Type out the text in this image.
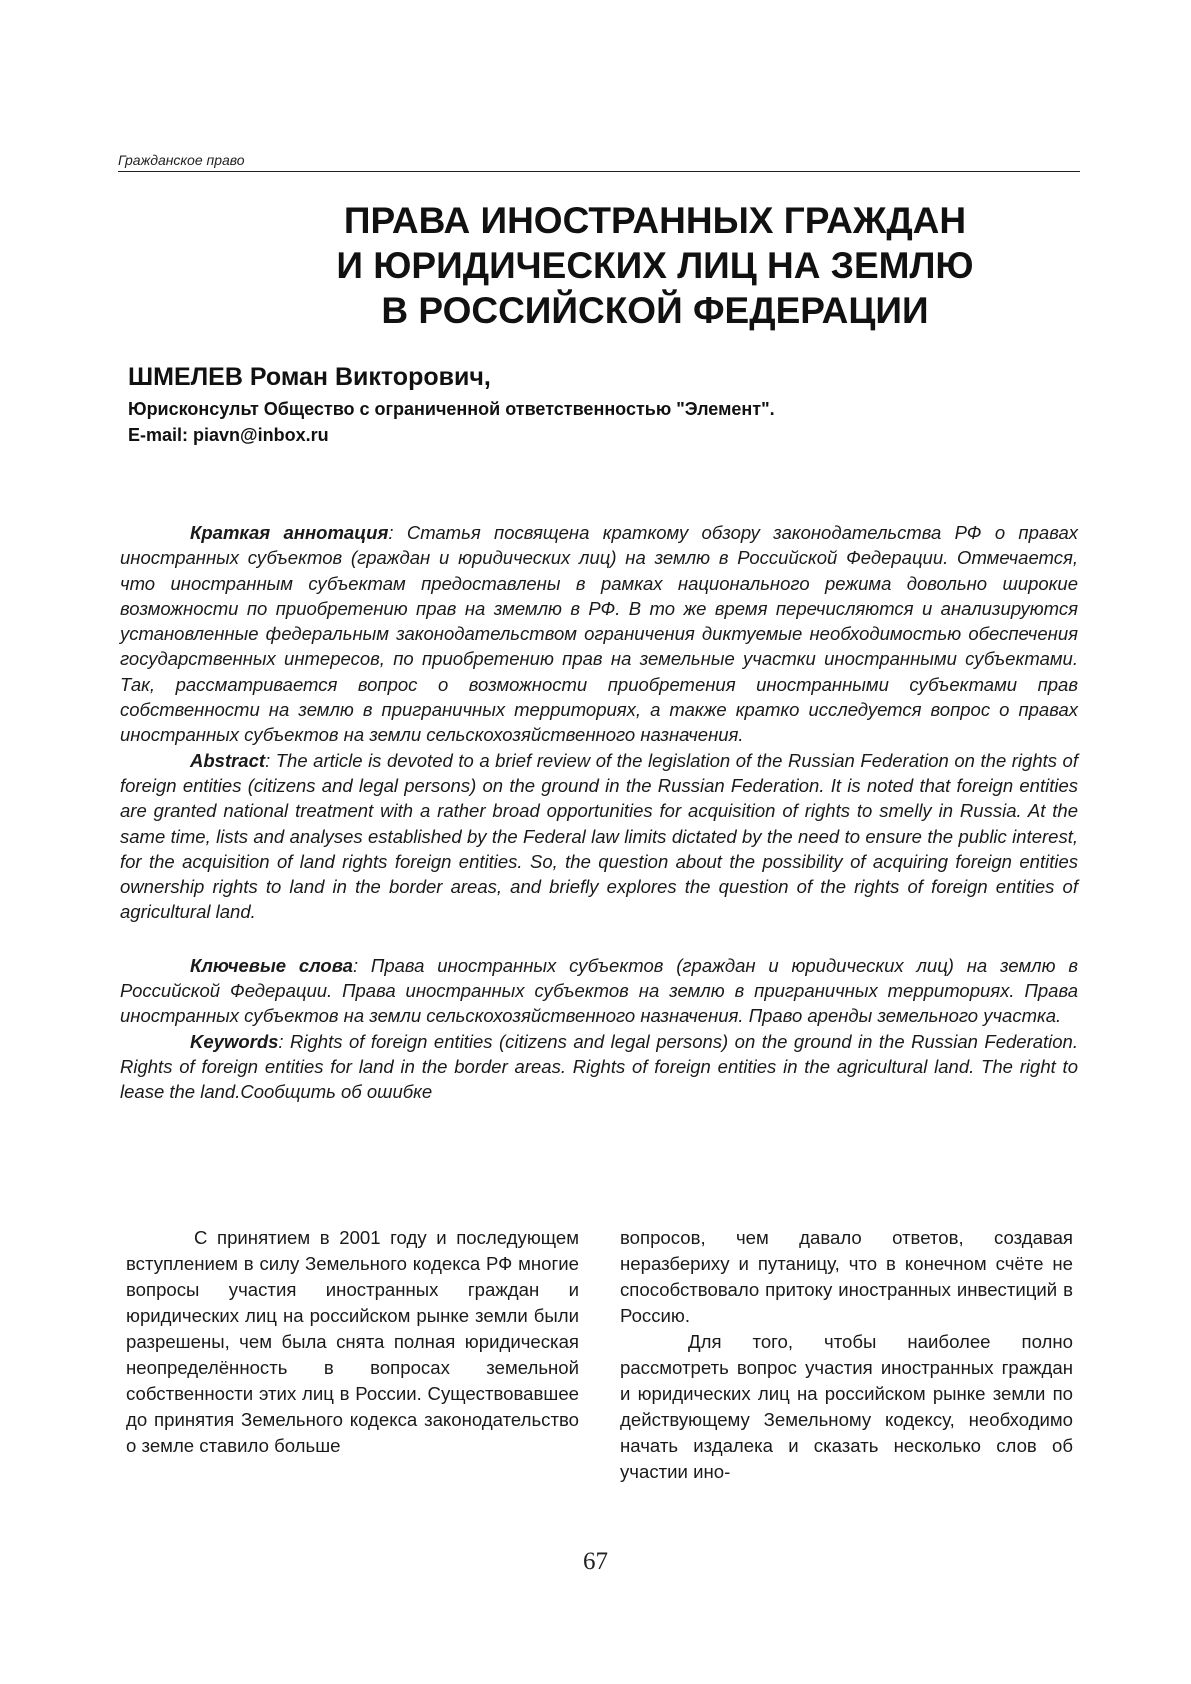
Гражданское право
ПРАВА ИНОСТРАННЫХ ГРАЖДАН
И ЮРИДИЧЕСКИХ ЛИЦ НА ЗЕМЛЮ
В РОССИЙСКОЙ ФЕДЕРАЦИИ
ШМЕЛЕВ Роман Викторович,
Юрисконсульт Общество с ограниченной ответственностью "Элемент".
E-mail: piavn@inbox.ru

Краткая аннотация: Статья посвящена краткому обзору законодательства РФ о правах иностранных субъектов (граждан и юридических лиц) на землю в Российской Федерации. Отмечается, что иностранным субъектам предоставлены в рамках национального режима довольно широкие возможности по приобретению прав на змемлю в РФ. В то же время перечисляются и анализируются установленные федеральным законодательством ограничения диктуемые необходимостью обеспечения государственных интересов, по приобретению прав на земельные участки иностранными субъектами. Так, рассматривается вопрос о возможности приобретения иностранными субъектами прав собственности на землю в приграничных территориях, а также кратко исследуется вопрос о правах иностранных субъектов на земли сельскохозяйственного назначения.

Abstract: The article is devoted to a brief review of the legislation of the Russian Federation on the rights of foreign entities (citizens and legal persons) on the ground in the Russian Federation. It is noted that foreign entities are granted national treatment with a rather broad opportunities for acquisition of rights to smelly in Russia. At the same time, lists and analyses established by the Federal law limits dictated by the need to ensure the public interest, for the acquisition of land rights foreign entities. So, the question about the possibility of acquiring foreign entities ownership rights to land in the border areas, and briefly explores the question of the rights of foreign entities of agricultural land.

Ключевые слова: Права иностранных субъектов (граждан и юридических лиц) на землю в Российской Федерации. Права иностранных субъектов на землю в приграничных территориях. Права иностранных субъектов на земли сельскохозяйственного назначения. Право аренды земельного участка.

Keywords: Rights of foreign entities (citizens and legal persons) on the ground in the Russian Federation. Rights of foreign entities for land in the border areas. Rights of foreign entities in the agricultural land. The right to lease the land.Сообщить об ошибке

С принятием в 2001 году и последующем вступлением в силу Земельного кодекса РФ многие вопросы участия иностранных граждан и юридических лиц на российском рынке земли были разрешены, чем была снята полная юридическая неопределённость в вопросах земельной собственности этих лиц в России. Существовавшее до принятия Земельного кодекса законодательство о земле ставило больше

вопросов, чем давало ответов, создавая неразбериху и путаницу, что в конечном счёте не способствовало притоку иностранных инвестиций в Россию.

Для того, чтобы наиболее полно рассмотреть вопрос участия иностранных граждан и юридических лиц на российском рынке земли по действующему Земельному кодексу, необходимо начать издалека и сказать несколько слов об участии ино-

67
